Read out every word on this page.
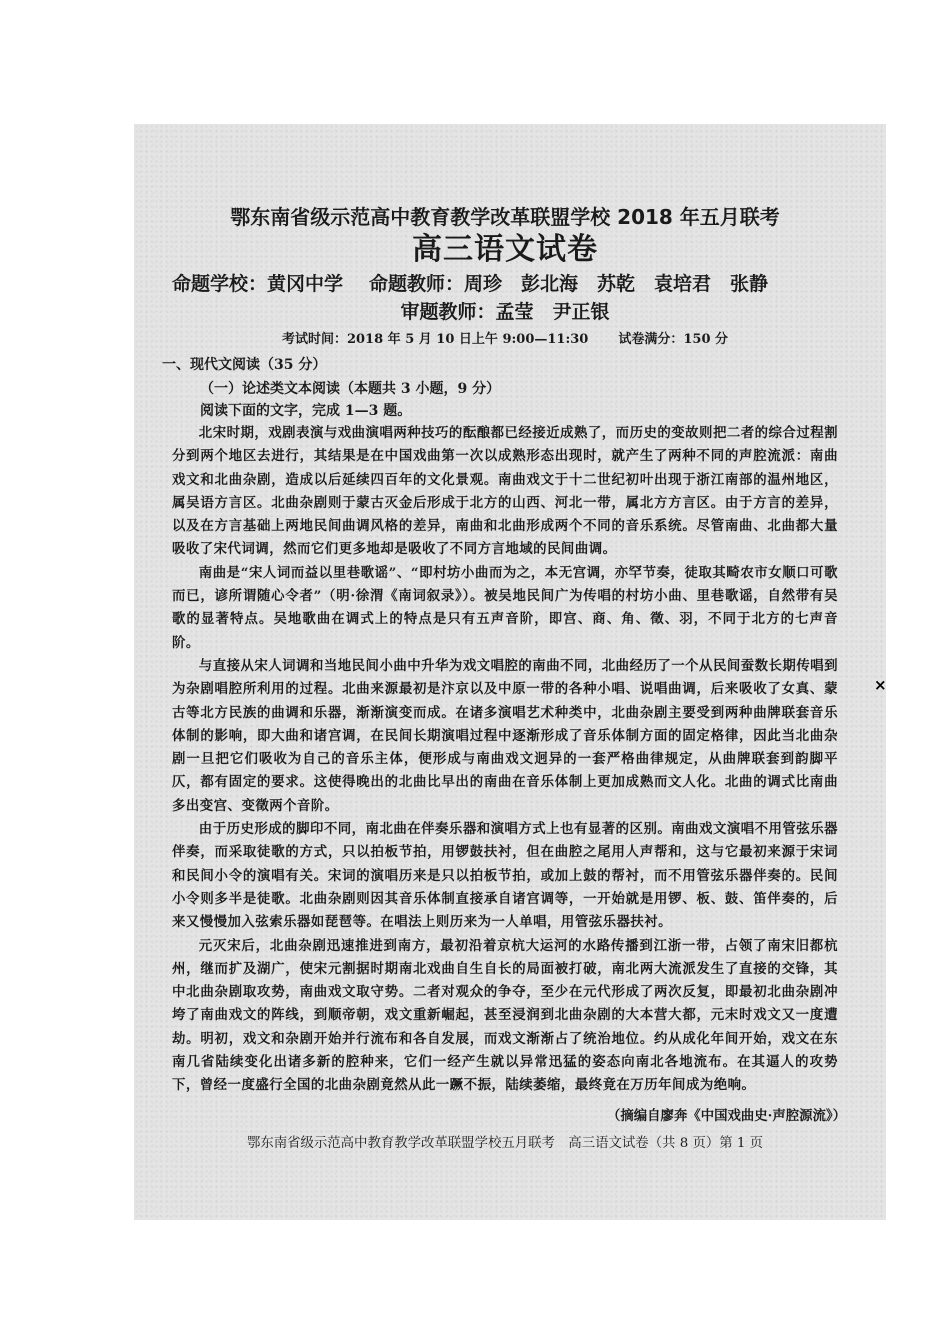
鄂东南省级示范高中教育教学改革联盟学校 2018 年五月联考

高三语文试卷

命题学校：黄冈中学 命题教师：周珍　彭北海　苏乾　袁培君　张静

审题教师：孟莹　尹正银

考试时间：2018 年 5 月 10 日上午 9:00—11:30 试卷满分：150 分

一、现代文阅读（35 分）

（一）论述类文本阅读（本题共 3 小题，9 分）

阅读下面的文字，完成 1—3 题。

北宋时期，戏剧表演与戏曲演唱两种技巧的酝酿都已经接近成熟了，而历史的变故则把二者的综合过程割分到两个地区去进行，其结果是在中国戏曲第一次以成熟形态出现时，就产生了两种不同的声腔流派：南曲戏文和北曲杂剧，造成以后延续四百年的文化景观。南曲戏文于十二世纪初叶出现于浙江南部的温州地区，属吴语方言区。北曲杂剧则于蒙古灭金后形成于北方的山西、河北一带，属北方方言区。由于方言的差异，以及在方言基础上两地民间曲调风格的差异，南曲和北曲形成两个不同的音乐系统。尽管南曲、北曲都大量吸收了宋代词调，然而它们更多地却是吸收了不同方言地域的民间曲调。

南曲是“宋人词而益以里巷歌谣”、“即村坊小曲而为之，本无宫调，亦罕节奏，徒取其畸农市女顺口可歌而已，谚所谓随心令者”（明·徐渭《南词叙录》）。被吴地民间广为传唱的村坊小曲、里巷歌谣，自然带有吴歌的显著特点。吴地歌曲在调式上的特点是只有五声音阶，即宫、商、角、徵、羽，不同于北方的七声音阶。

与直接从宋人词调和当地民间小曲中升华为戏文唱腔的南曲不同，北曲经历了一个从民间蚕数长期传唱到为杂剧唱腔所利用的过程。北曲来源最初是汴京以及中原一带的各种小唱、说唱曲调，后来吸收了女真、蒙古等北方民族的曲调和乐器，渐渐演变而成。在诸多演唱艺术种类中，北曲杂剧主要受到两种曲牌联套音乐体制的影响，即大曲和诸宫调，在民间长期演唱过程中逐渐形成了音乐体制方面的固定格律，因此当北曲杂剧一旦把它们吸收为自己的音乐主体，便形成与南曲戏文迥异的一套严格曲律规定，从曲牌联套到韵脚平仄，都有固定的要求。这使得晚出的北曲比早出的南曲在音乐体制上更加成熟而文人化。北曲的调式比南曲多出变宫、变徵两个音阶。

由于历史形成的脚印不同，南北曲在伴奏乐器和演唱方式上也有显著的区别。南曲戏文演唱不用管弦乐器伴奏，而采取徒歌的方式，只以拍板节拍，用锣鼓扶衬，但在曲腔之尾用人声帮和，这与它最初来源于宋词和民间小令的演唱有关。宋词的演唱历来是只以拍板节拍，或加上鼓的帮衬，而不用管弦乐器伴奏的。民间小令则多半是徒歌。北曲杂剧则因其音乐体制直接承自诸宫调等，一开始就是用锣、板、鼓、笛伴奏的，后来又慢慢加入弦索乐器如琵琶等。在唱法上则历来为一人单唱，用管弦乐器扶衬。

元灭宋后，北曲杂剧迅速推进到南方，最初沿着京杭大运河的水路传播到江浙一带，占领了南宋旧都杭州，继而扩及湖广，使宋元割据时期南北戏曲自生自长的局面被打破，南北两大流派发生了直接的交锋，其中北曲杂剧取攻势，南曲戏文取守势。二者对观众的争夺，至少在元代形成了两次反复，即最初北曲杂剧冲垮了南曲戏文的阵线，到顺帝朝，戏文重新崛起，甚至浸润到北曲杂剧的大本营大都，元末时戏文又一度遭劫。明初，戏文和杂剧开始并行流布和各自发展，而戏文渐渐占了统治地位。约从成化年间开始，戏文在东南几省陆续变化出诸多新的腔种来，它们一经产生就以异常迅猛的姿态向南北各地流布。在其逼人的攻势下，曾经一度盛行全国的北曲杂剧竟然从此一蹶不振，陆续萎缩，最终竟在万历年间成为绝响。

（摘编自廖奔《中国戏曲史·声腔源流》）

鄂东南省级示范高中教育教学改革联盟学校五月联考　高三语文试卷（共 8 页）第 1 页

×
